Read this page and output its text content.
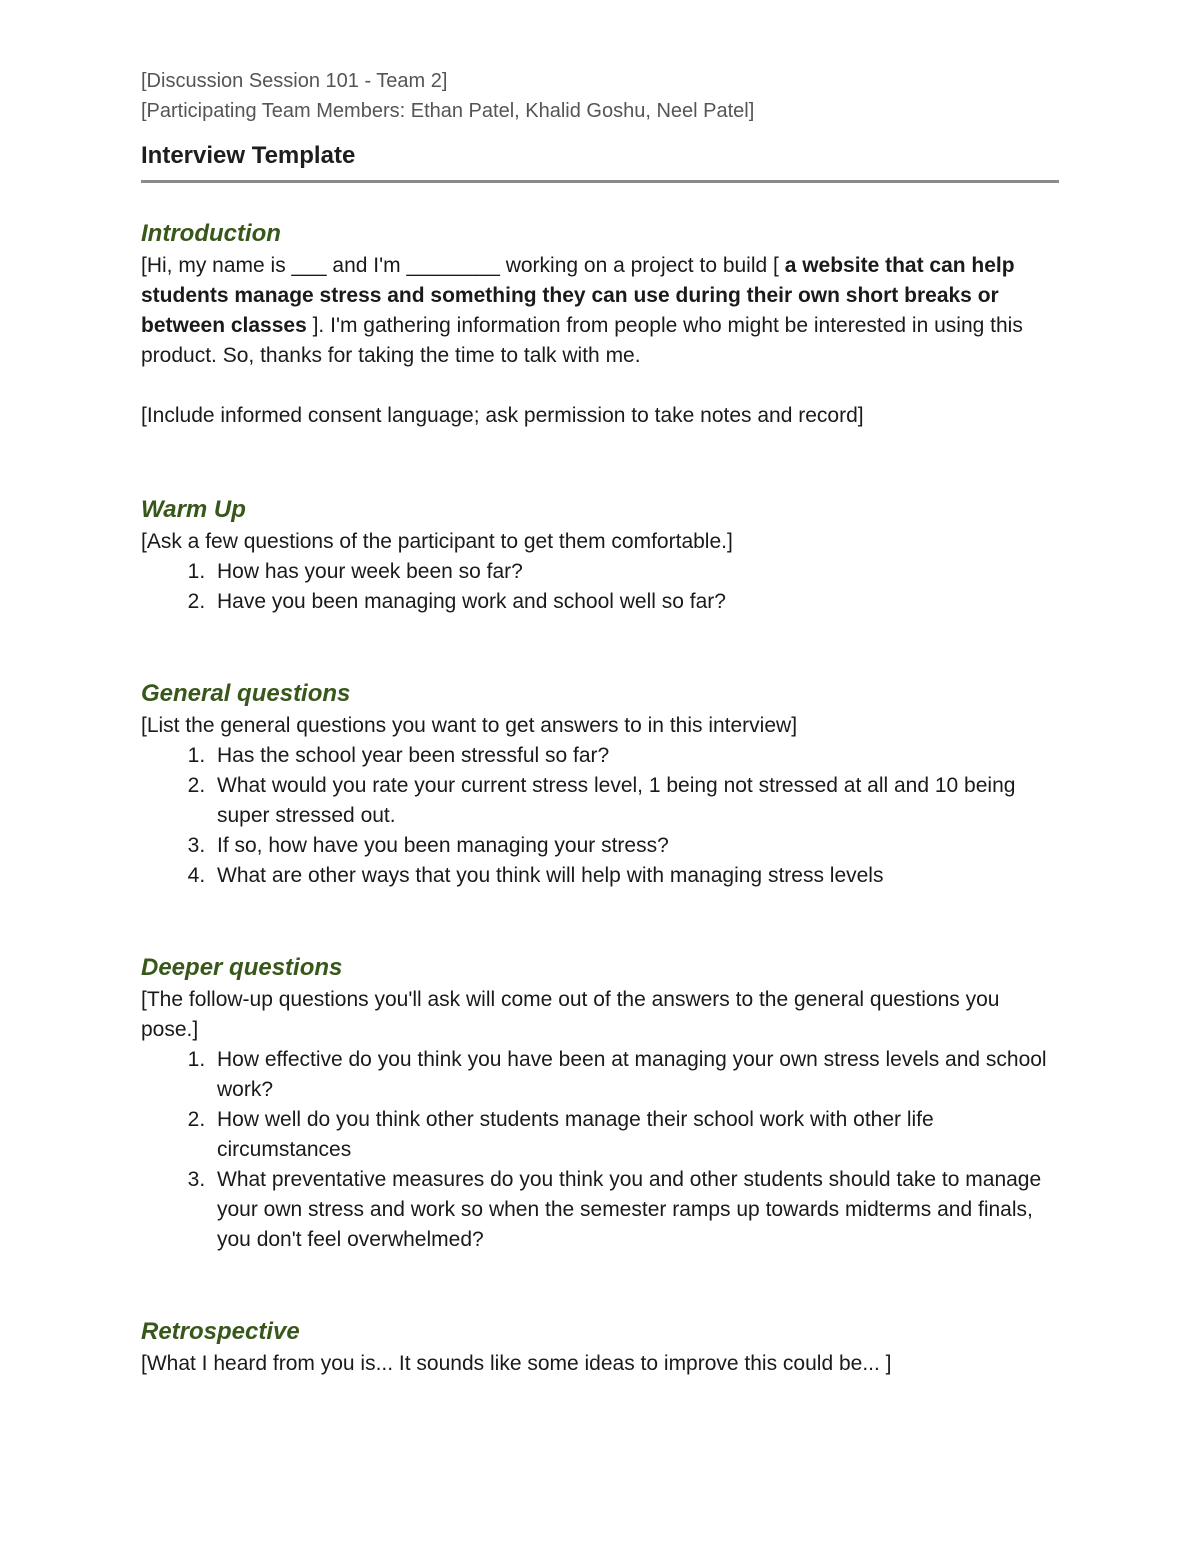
[Discussion Session 101 - Team 2]

[Participating Team Members: Ethan Patel, Khalid Goshu, Neel Patel]

Interview Template
Introduction

[Hi, my name is ___ and I'm ________ working on a project to build [ a website that can help students manage stress and something they can use during their own short breaks or between classes ]. I'm gathering information from people who might be interested in using this product. So, thanks for taking the time to talk with me.

[Include informed consent language; ask permission to take notes and record]

Warm Up

[Ask a few questions of the participant to get them comfortable.]

1. How has your week been so far?
2. Have you been managing work and school well so far?
General questions

[List the general questions you want to get answers to in this interview]

1. Has the school year been stressful so far?
2. What would you rate your current stress level, 1 being not stressed at all and 10 being super stressed out.
3. If so, how have you been managing your stress?
4. What are other ways that you think will help with managing stress levels
Deeper questions

[The follow-up questions you'll ask will come out of the answers to the general questions you pose.]

1. How effective do you think you have been at managing your own stress levels and school work?
2. How well do you think other students manage their school work with other life circumstances
3. What preventative measures do you think you and other students should take to manage your own stress and work so when the semester ramps up towards midterms and finals, you don't feel overwhelmed?
Retrospective

[What I heard from you is... It sounds like some ideas to improve this could be... ]
